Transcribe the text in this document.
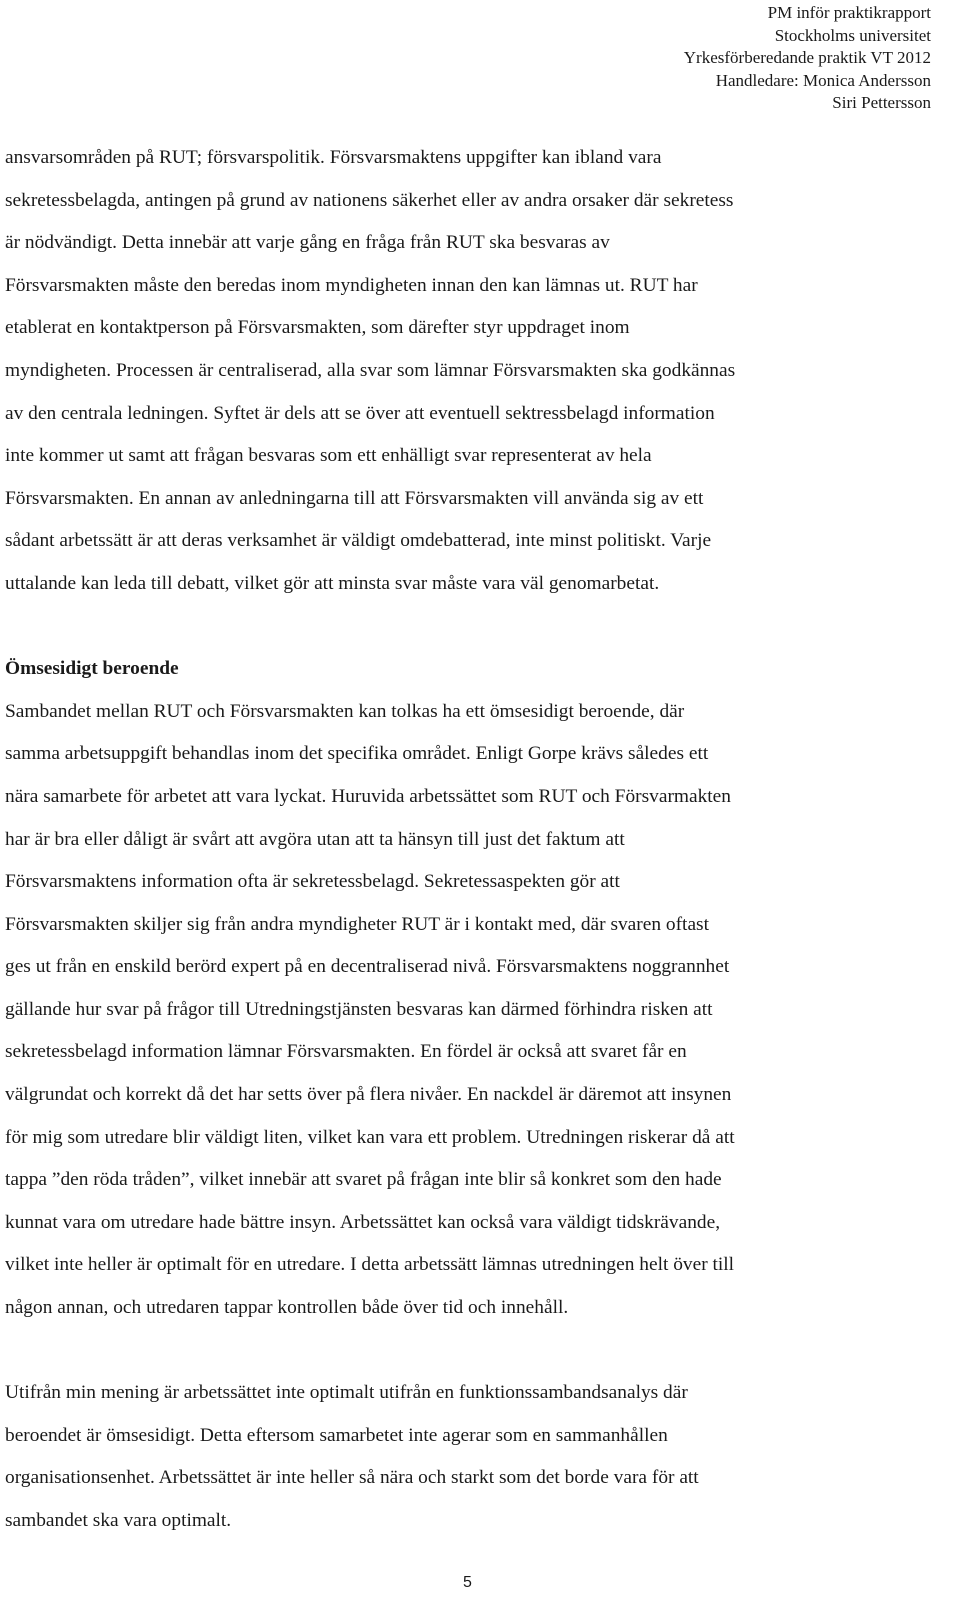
PM inför praktikrapport
Stockholms universitet
Yrkesförberedande praktik VT 2012
Handledare: Monica Andersson
Siri Pettersson
ansvarsområden på RUT; försvarspolitik. Försvarsmaktens uppgifter kan ibland vara
sekretessbelagda, antingen på grund av nationens säkerhet eller av andra orsaker där sekretess
är nödvändigt. Detta innebär att varje gång en fråga från RUT ska besvaras av
Försvarsmakten måste den beredas inom myndigheten innan den kan lämnas ut. RUT har
etablerat en kontaktperson på Försvarsmakten, som därefter styr uppdraget inom
myndigheten. Processen är centraliserad, alla svar som lämnar Försvarsmakten ska godkännas
av den centrala ledningen. Syftet är dels att se över att eventuell sektressbelagd information
inte kommer ut samt att frågan besvaras som ett enhälligt svar representerat av hela
Försvarsmakten. En annan av anledningarna till att Försvarsmakten vill använda sig av ett
sådant arbetssätt är att deras verksamhet är väldigt omdebatterad, inte minst politiskt. Varje
uttalande kan leda till debatt, vilket gör att minsta svar måste vara väl genomarbetat.
Ömsesidigt beroende
Sambandet mellan RUT och Försvarsmakten kan tolkas ha ett ömsesidigt beroende, där
samma arbetsuppgift behandlas inom det specifika området. Enligt Gorpe krävs således ett
nära samarbete för arbetet att vara lyckat. Huruvida arbetssättet som RUT och Försvarmakten
har är bra eller dåligt är svårt att avgöra utan att ta hänsyn till just det faktum att
Försvarsmaktens information ofta är sekretessbelagd. Sekretessaspekten gör att
Försvarsmakten skiljer sig från andra myndigheter RUT är i kontakt med, där svaren oftast
ges ut från en enskild berörd expert på en decentraliserad nivå. Försvarsmaktens noggrannhet
gällande hur svar på frågor till Utredningstjänsten besvaras kan därmed förhindra risken att
sekretessbelagd information lämnar Försvarsmakten. En fördel är också att svaret får en
välgrundat och korrekt då det har setts över på flera nivåer. En nackdel är däremot att insynen
för mig som utredare blir väldigt liten, vilket kan vara ett problem. Utredningen riskerar då att
tappa ”den röda tråden”, vilket innebär att svaret på frågan inte blir så konkret som den hade
kunnat vara om utredare hade bättre insyn. Arbetssättet kan också vara väldigt tidskrävande,
vilket inte heller är optimalt för en utredare. I detta arbetssätt lämnas utredningen helt över till
någon annan, och utredaren tappar kontrollen både över tid och innehåll.
Utifrån min mening är arbetssättet inte optimalt utifrån en funktionssambandsanalys där
beroendet är ömsesidigt. Detta eftersom samarbetet inte agerar som en sammanhållen
organisationsenhet. Arbetssättet är inte heller så nära och starkt som det borde vara för att
sambandet ska vara optimalt.
5
